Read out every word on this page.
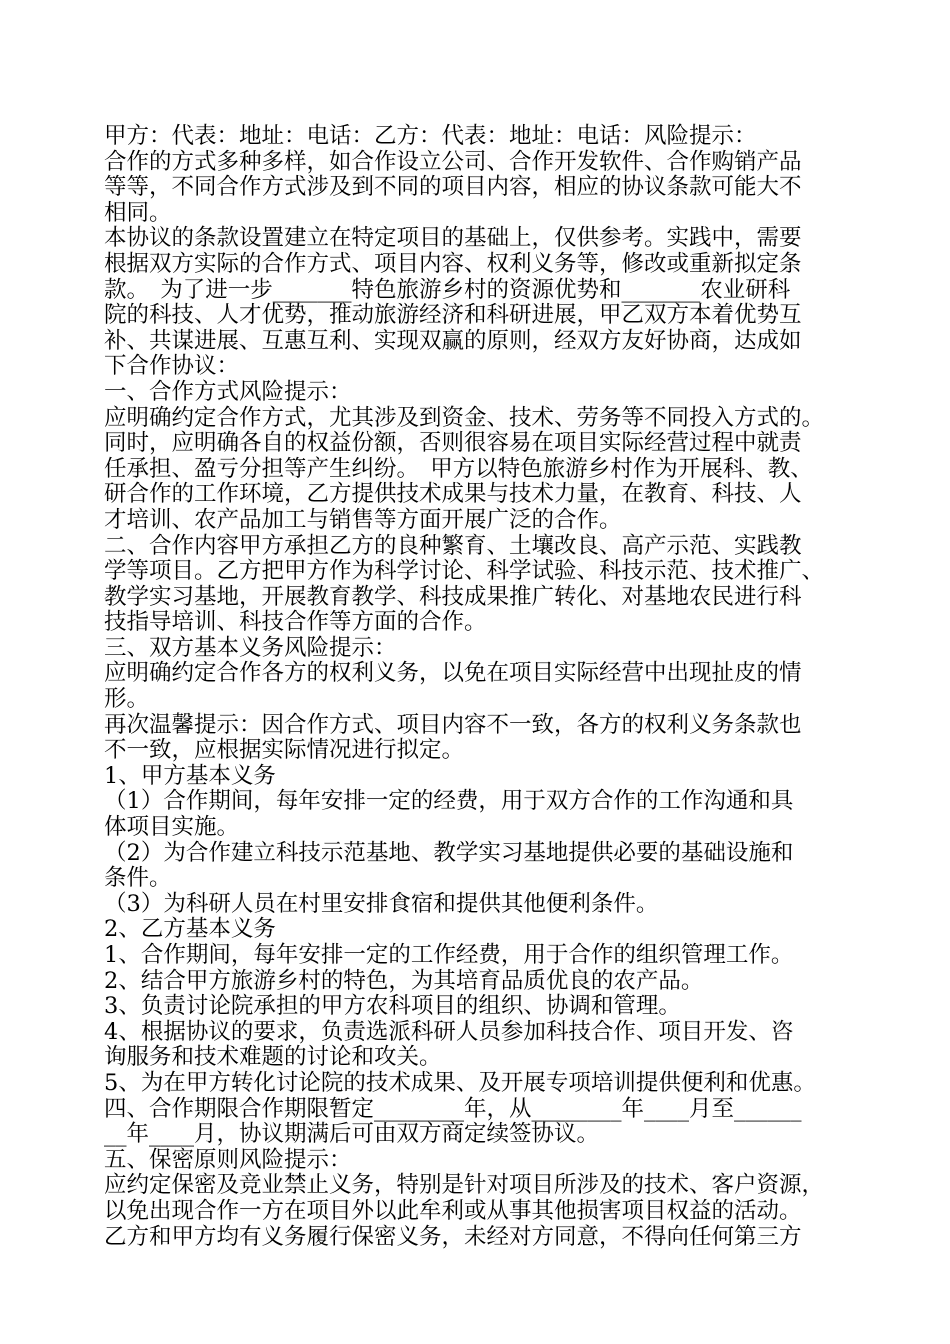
甲方：代表：地址：电话：乙方：代表：地址：电话：风险提示：
合作的方式多种多样，如合作设立公司、合作开发软件、合作购销产品
等等，不同合作方式涉及到不同的项目内容，相应的协议条款可能大不
相同。
本协议的条款设置建立在特定项目的基础上，仅供参考。实践中，需要
根据双方实际的合作方式、项目内容、权利义务等，修改或重新拟定条
款。　为了进一步_______特色旅游乡村的资源优势和_______农业研科
院的科技、人才优势，推动旅游经济和科研进展，甲乙双方本着优势互
补、共谋进展、互惠互利、实现双赢的原则，经双方友好协商，达成如
下合作协议：
一、合作方式风险提示：
应明确约定合作方式，尤其涉及到资金、技术、劳务等不同投入方式的。
同时，应明确各自的权益份额，否则很容易在项目实际经营过程中就责
任承担、盈亏分担等产生纠纷。　甲方以特色旅游乡村作为开展科、教、
研合作的工作环境，乙方提供技术成果与技术力量，在教育、科技、人
才培训、农产品加工与销售等方面开展广泛的合作。
二、合作内容甲方承担乙方的良种繁育、土壤改良、高产示范、实践教
学等项目。乙方把甲方作为科学讨论、科学试验、科技示范、技术推广、
教学实习基地，开展教育教学、科技成果推广转化、对基地农民进行科
技指导培训、科技合作等方面的合作。
三、双方基本义务风险提示：
应明确约定合作各方的权利义务，以免在项目实际经营中出现扯皮的情
形。
再次温馨提示：因合作方式、项目内容不一致，各方的权利义务条款也
不一致，应根据实际情况进行拟定。
1、甲方基本义务
（1）合作期间，每年安排一定的经费，用于双方合作的工作沟通和具
体项目实施。
（2）为合作建立科技示范基地、教学实习基地提供必要的基础设施和
条件。
（3）为科研人员在村里安排食宿和提供其他便利条件。
2、乙方基本义务
1、合作期间，每年安排一定的工作经费，用于合作的组织管理工作。
2、结合甲方旅游乡村的特色，为其培育品质优良的农产品。
3、负责讨论院承担的甲方农科项目的组织、协调和管理。
4、根据协议的要求，负责选派科研人员参加科技合作、项目开发、咨
询服务和技术难题的讨论和攻关。
5、为在甲方转化讨论院的技术成果、及开展专项培训提供便利和优惠。
四、合作期限合作期限暂定________年，从________年____月至______
__年____月，协议期满后可由双方商定续签协议。
五、保密原则风险提示：
应约定保密及竞业禁止义务，特别是针对项目所涉及的技术、客户资源，
以免出现合作一方在项目外以此牟利或从事其他损害项目权益的活动。
乙方和甲方均有义务履行保密义务，未经对方同意，不得向任何第三方
